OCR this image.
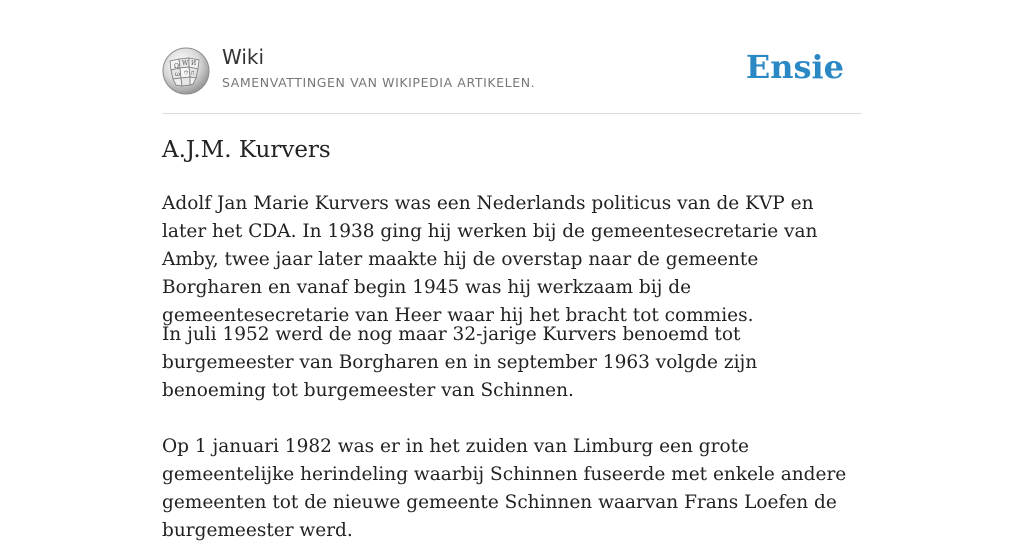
Ω W И
ω ウ ח
Wiki
SAMENVATTINGEN VAN WIKIPEDIA ARTIKELEN.	Ensie
A.J.M. Kurvers

Adolf Jan Marie Kurvers was een Nederlands politicus van de KVP en later het CDA. In 1938 ging hij werken bij de gemeentesecretarie van Amby, twee jaar later maakte hij de overstap naar de gemeente Borgharen en vanaf begin 1945 was hij werkzaam bij de gemeentesecretarie van Heer waar hij het bracht tot commies.

In juli 1952 werd de nog maar 32-jarige Kurvers benoemd tot burgemeester van Borgharen en in september 1963 volgde zijn benoeming tot burgemeester van Schinnen.

Op 1 januari 1982 was er in het zuiden van Limburg een grote gemeentelijke herindeling waarbij Schinnen fuseerde met enkele andere gemeenten tot de nieuwe gemeente Schinnen waarvan Frans Loefen de burgemeester werd.
